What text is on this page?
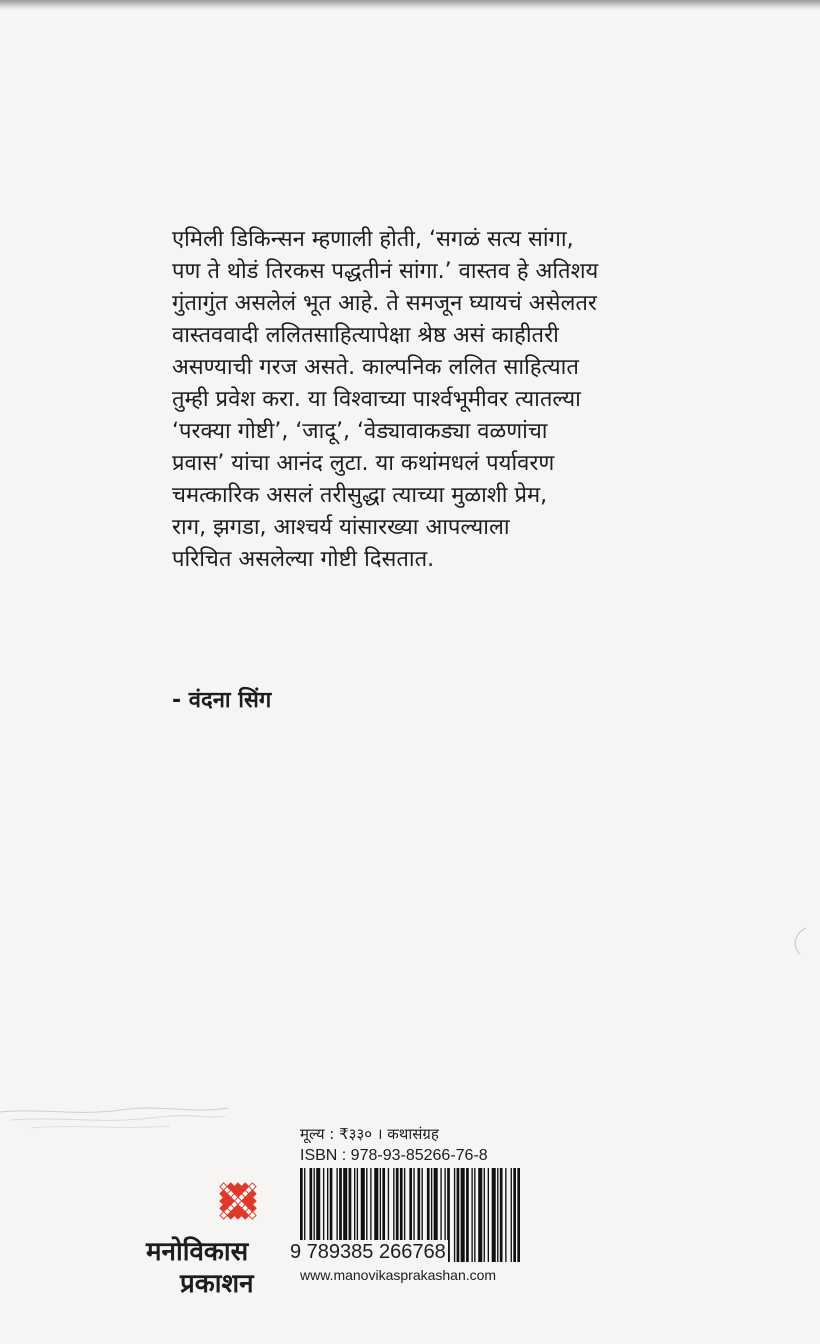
एमिली डिकिन्सन म्हणाली होती, ‘सगळं सत्य सांगा,
पण ते थोडं तिरकस पद्धतीनं सांगा.’ वास्तव हे अतिशय
गुंतागुंत असलेलं भूत आहे. ते समजून घ्यायचं असेलतर
वास्तववादी ललितसाहित्यापेक्षा श्रेष्ठ असं काहीतरी
असण्याची गरज असते. काल्पनिक ललित साहित्यात
तुम्ही प्रवेश करा. या विश्वाच्या पार्श्वभूमीवर त्यातल्या
‘परक्या गोष्टी’, ‘जादू’, ‘वेड्यावाकड्या वळणांचा
प्रवास’ यांचा आनंद लुटा. या कथांमधलं पर्यावरण
चमत्कारिक असलं तरीसुद्धा त्याच्या मुळाशी प्रेम,
राग, झगडा, आश्चर्य यांसारख्या आपल्याला
परिचित असलेल्या गोष्टी दिसतात.
- वंदना सिंग
मूल्य : ₹३३० । कथासंग्रह
ISBN : 978-93-85266-76-8
9 789385 266768
www.manovikasprakashan.com
मनोविकास
प्रकाशन
